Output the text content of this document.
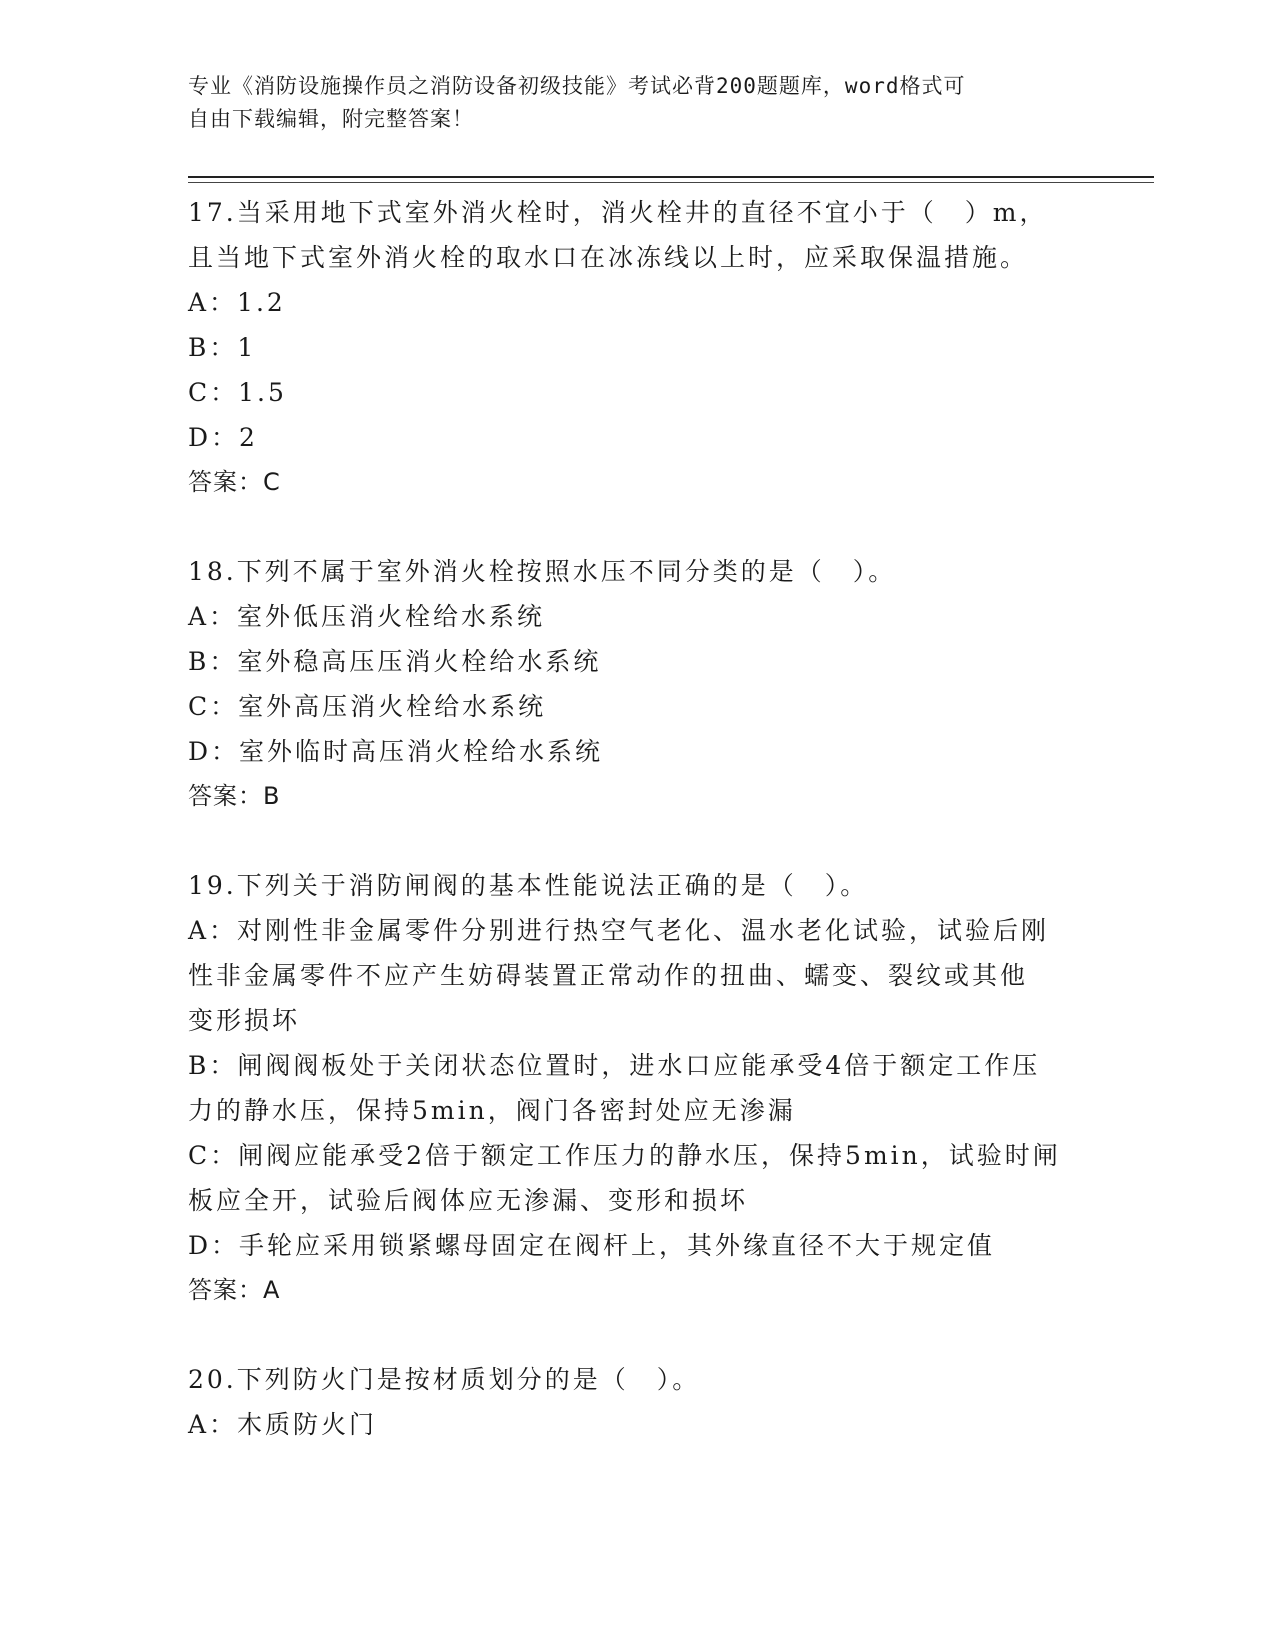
专业《消防设施操作员之消防设备初级技能》考试必背200题题库，word格式可
自由下载编辑，附完整答案！
17.当采用地下式室外消火栓时，消火栓井的直径不宜小于（　）m，
且当地下式室外消火栓的取水口在冰冻线以上时，应采取保温措施。
A：1.2
B：1
C：1.5
D：2
答案：C
18.下列不属于室外消火栓按照水压不同分类的是（　）。
A：室外低压消火栓给水系统
B：室外稳高压压消火栓给水系统
C：室外高压消火栓给水系统
D：室外临时高压消火栓给水系统
答案：B
19.下列关于消防闸阀的基本性能说法正确的是（　）。
A：对刚性非金属零件分别进行热空气老化、温水老化试验，试验后刚
性非金属零件不应产生妨碍装置正常动作的扭曲、蠕变、裂纹或其他
变形损坏
B：闸阀阀板处于关闭状态位置时，进水口应能承受4倍于额定工作压
力的静水压，保持5min，阀门各密封处应无渗漏
C：闸阀应能承受2倍于额定工作压力的静水压，保持5min，试验时闸
板应全开，试验后阀体应无渗漏、变形和损坏
D：手轮应采用锁紧螺母固定在阀杆上，其外缘直径不大于规定值
答案：A
20.下列防火门是按材质划分的是（　）。
A：木质防火门
